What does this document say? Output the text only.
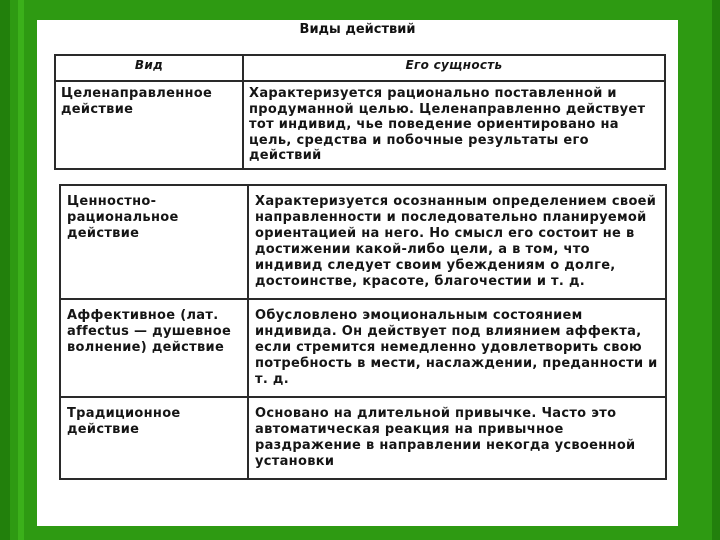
Виды действий
Вид	Его сущность
Целенаправленное действие	Характеризуется рационально поставленной и продуманной целью. Целенаправленно действует тот индивид, чье поведение ориентировано на цель, средства и побочные результаты его действий
Ценностно-рациональное действие	Характеризуется осознанным определением своей направленности и последовательно планируемой ориентацией на него. Но смысл его состоит не в достижении какой-либо цели, а в том, что индивид следует своим убеждениям о долге, достоинстве, красоте, благочестии и т. д.
Аффективное (лат. affectus — душевное волнение) действие	Обусловлено эмоциональным состоянием индивида. Он действует под влиянием аффекта, если стремится немедленно удовлетворить свою потребность в мести, наслаждении, преданности и т. д.
Традиционное действие	Основано на длительной привычке. Часто это автоматическая реакция на привычное раздражение в направлении некогда усвоенной установки
